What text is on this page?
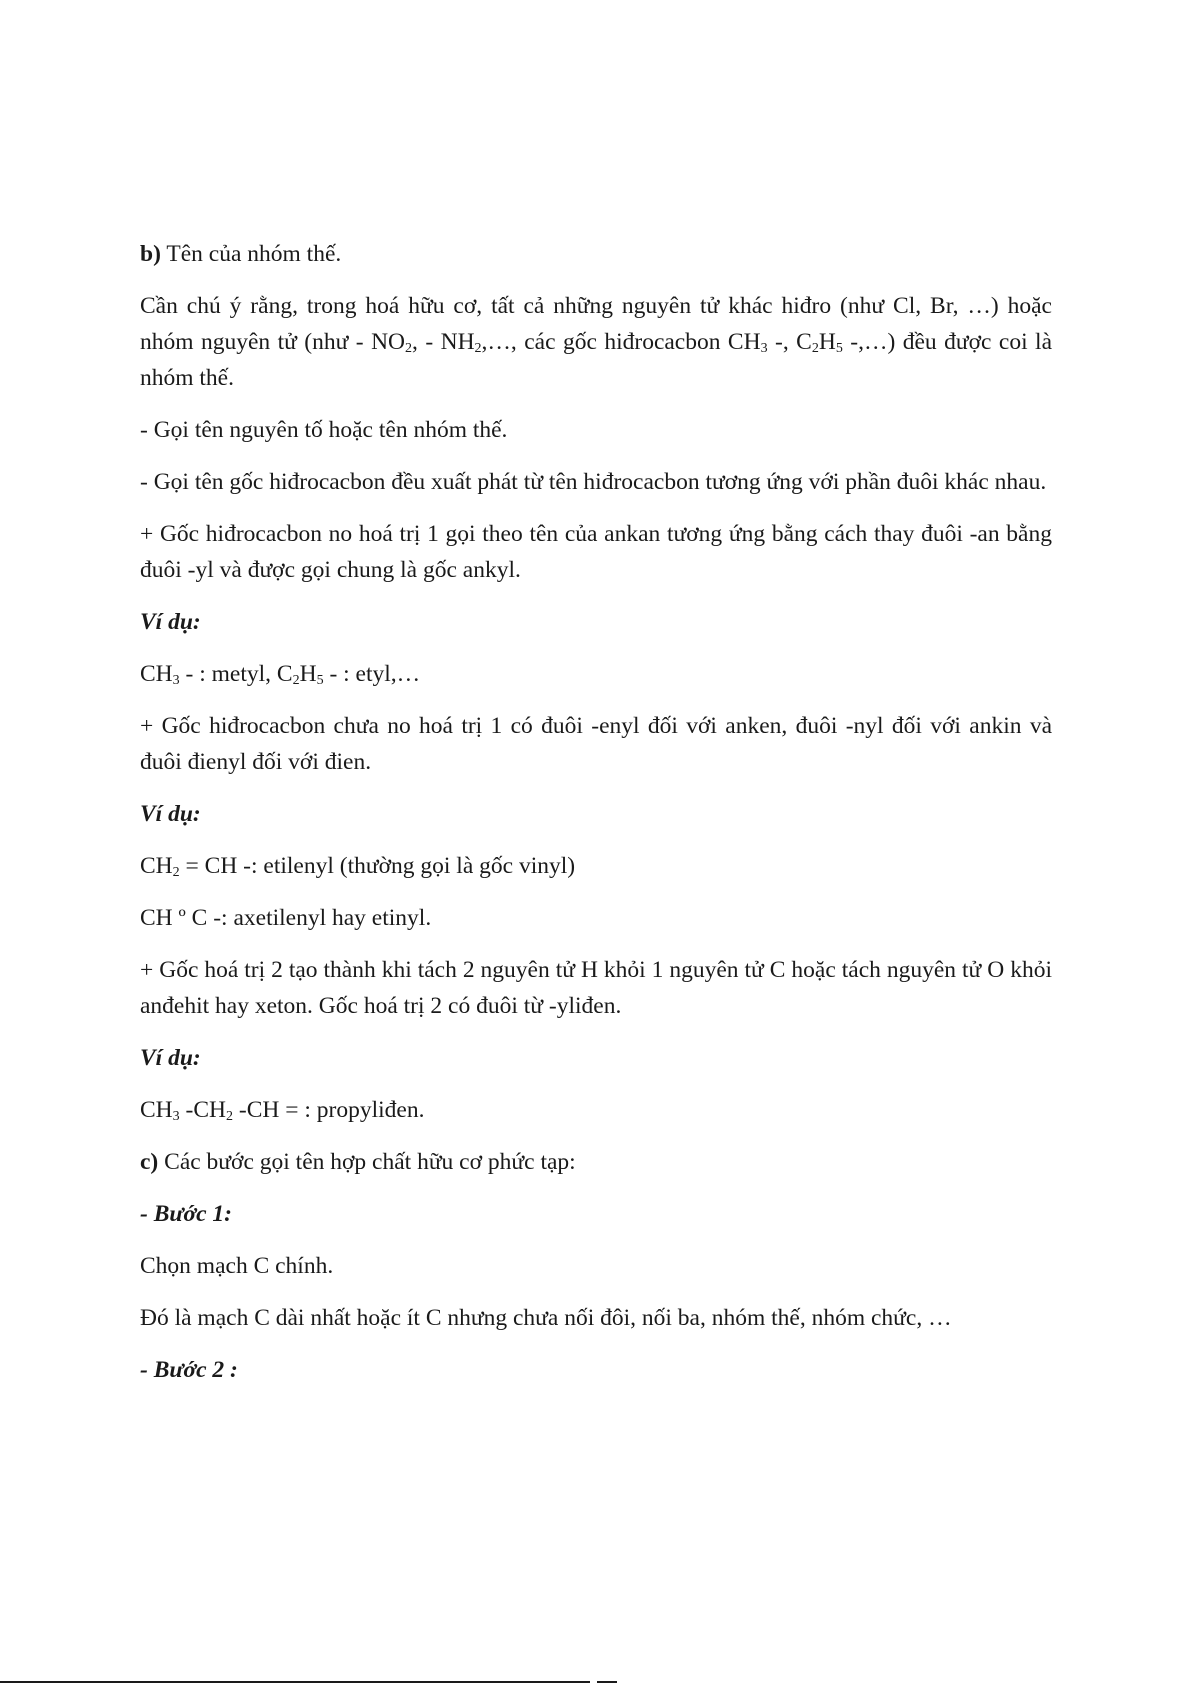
b) Tên của nhóm thế.

Cần chú ý rằng, trong hoá hữu cơ, tất cả những nguyên tử khác hiđro (như Cl, Br, …) hoặc nhóm nguyên tử (như - $NO_2$, - $NH_2,\dots$, các gốc hiđrocacbon $CH_3$ -, $C_2H_5$ -,…) đều được coi là nhóm thế.

- Gọi tên nguyên tố hoặc tên nhóm thế.

- Gọi tên gốc hiđrocacbon đều xuất phát từ tên hiđrocacbon tương ứng với phần đuôi khác nhau.

+ Gốc hiđrocacbon no hoá trị 1 gọi theo tên của ankan tương ứng bằng cách thay đuôi -an bằng đuôi -yl và được gọi chung là gốc ankyl.

Ví dụ:

$CH_3$ - : metyl, $C_2H_5$ - : etyl,…

+ Gốc hiđrocacbon chưa no hoá trị 1 có đuôi -enyl đối với anken, đuôi -nyl đối với ankin và đuôi đienyl đối với đien.

Ví dụ:

$CH_2$ = CH -: etilenyl (thường gọi là gốc vinyl)

CH º C -: axetilenyl hay etinyl.

+ Gốc hoá trị 2 tạo thành khi tách 2 nguyên tử H khỏi 1 nguyên tử C hoặc tách nguyên tử O khỏi anđehit hay xeton. Gốc hoá trị 2 có đuôi từ -yliđen.

Ví dụ:

$CH_3$ $-CH_2$ -CH = : propyliđen.

c) Các bước gọi tên hợp chất hữu cơ phức tạp:

- Bước 1:

Chọn mạch C chính.

Đó là mạch C dài nhất hoặc ít C nhưng chưa nối đôi, nối ba, nhóm thế, nhóm chức, …

- Bước 2 :
